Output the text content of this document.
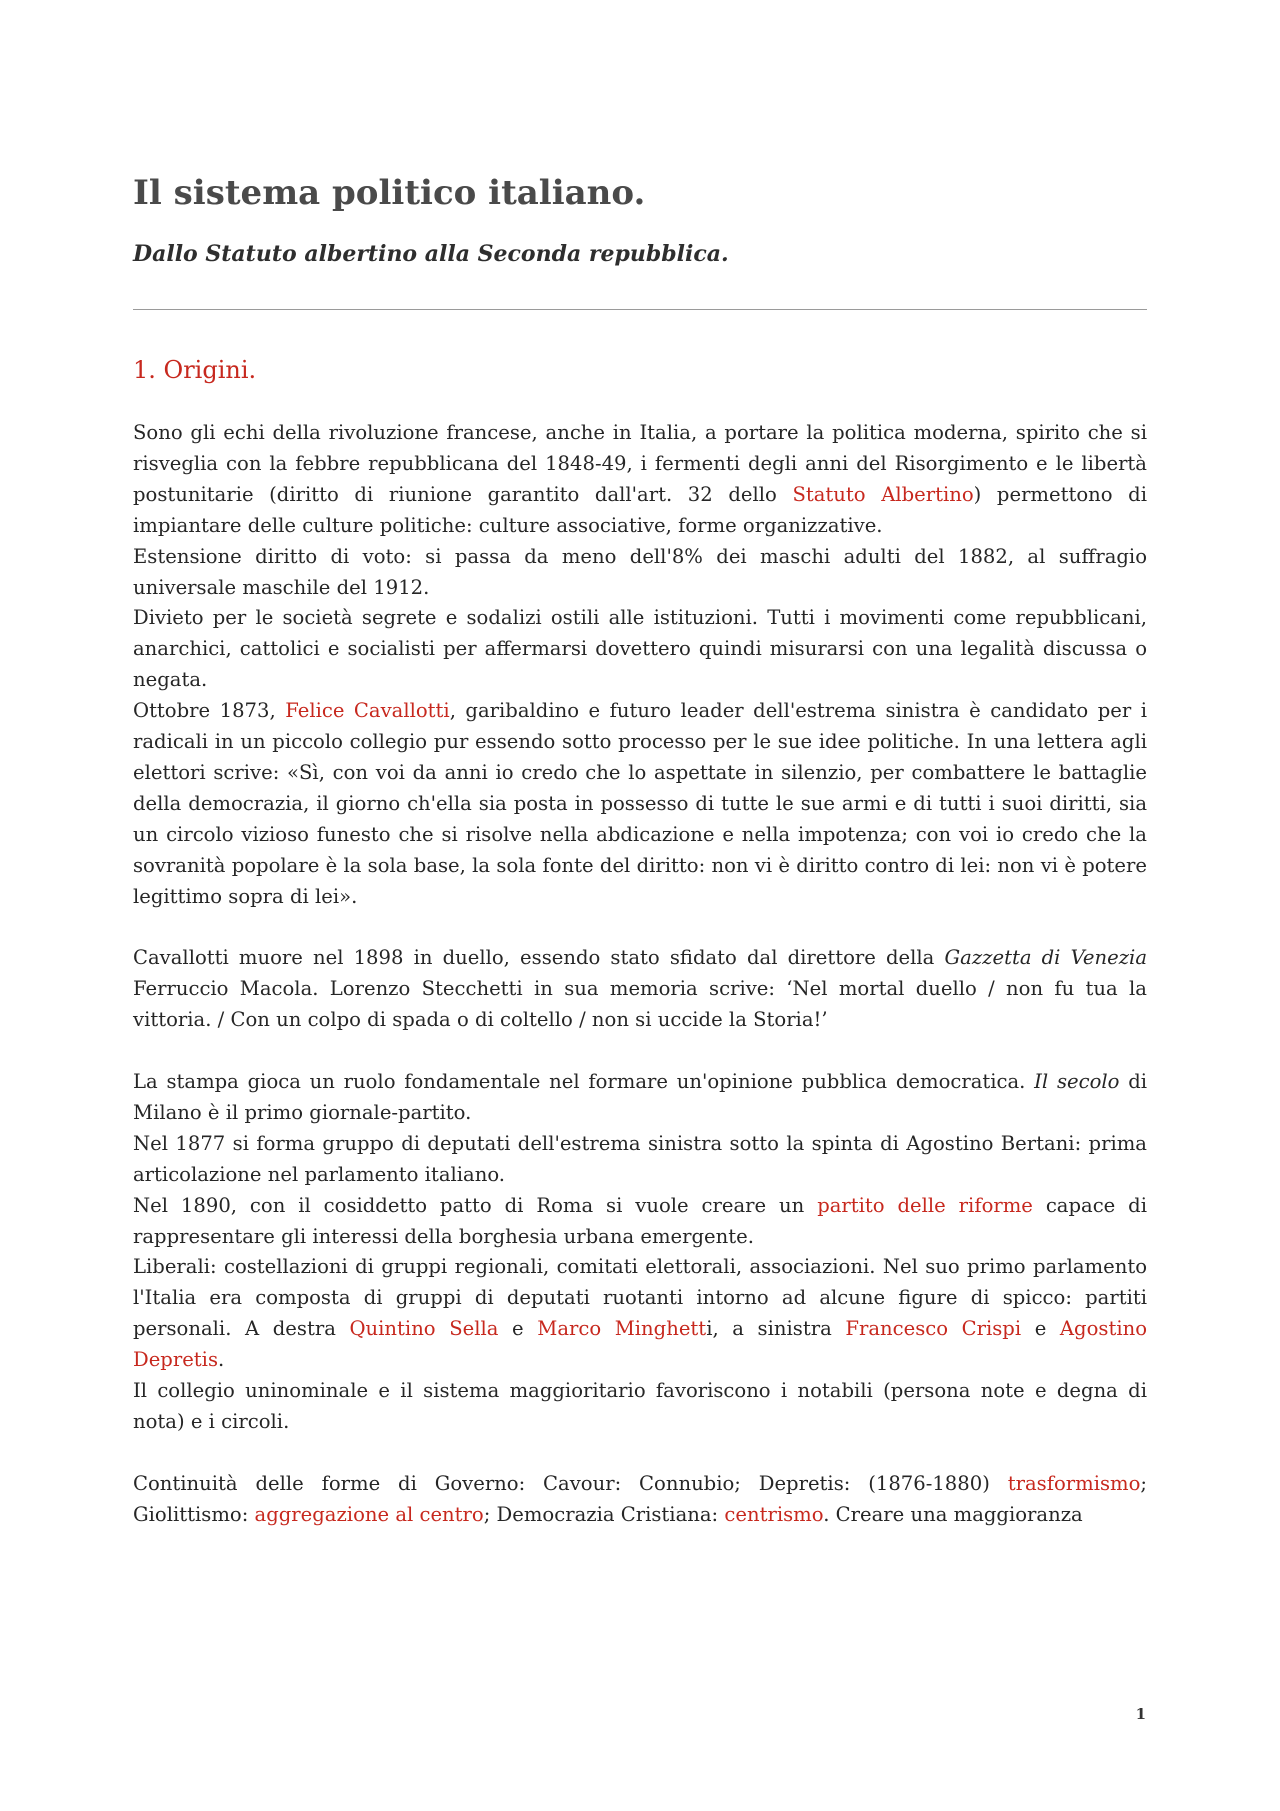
Il sistema politico italiano.
Dallo Statuto albertino alla Seconda repubblica.
1. Origini.

Sono gli echi della rivoluzione francese, anche in Italia, a portare la politica moderna, spirito che si risveglia con la febbre repubblicana del 1848-49, i fermenti degli anni del Risorgimento e le libertà postunitarie (diritto di riunione garantito dall'art. 32 dello Statuto Albertino) permettono di impiantare delle culture politiche: culture associative, forme organizzative.

Estensione diritto di voto: si passa da meno dell'8% dei maschi adulti del 1882, al suffragio universale maschile del 1912.

Divieto per le società segrete e sodalizi ostili alle istituzioni. Tutti i movimenti come repubblicani, anarchici, cattolici e socialisti per affermarsi dovettero quindi misurarsi con una legalità discussa o negata.

Ottobre 1873, Felice Cavallotti, garibaldino e futuro leader dell'estrema sinistra è candidato per i radicali in un piccolo collegio pur essendo sotto processo per le sue idee politiche. In una lettera agli elettori scrive: «Sì, con voi da anni io credo che lo aspettate in silenzio, per combattere le battaglie della democrazia, il giorno ch'ella sia posta in possesso di tutte le sue armi e di tutti i suoi diritti, sia un circolo vizioso funesto che si risolve nella abdicazione e nella impotenza; con voi io credo che la sovranità popolare è la sola base, la sola fonte del diritto: non vi è diritto contro di lei: non vi è potere legittimo sopra di lei».

Cavallotti muore nel 1898 in duello, essendo stato sfidato dal direttore della Gazzetta di Venezia Ferruccio Macola. Lorenzo Stecchetti in sua memoria scrive: ‘Nel mortal duello / non fu tua la vittoria. / Con un colpo di spada o di coltello / non si uccide la Storia!’

La stampa gioca un ruolo fondamentale nel formare un'opinione pubblica democratica. Il secolo di Milano è il primo giornale-partito.

Nel 1877 si forma gruppo di deputati dell'estrema sinistra sotto la spinta di Agostino Bertani: prima articolazione nel parlamento italiano.

Nel 1890, con il cosiddetto patto di Roma si vuole creare un partito delle riforme capace di rappresentare gli interessi della borghesia urbana emergente.

Liberali: costellazioni di gruppi regionali, comitati elettorali, associazioni. Nel suo primo parlamento l'Italia era composta di gruppi di deputati ruotanti intorno ad alcune figure di spicco: partiti personali. A destra Quintino Sella e Marco Minghetti, a sinistra Francesco Crispi e Agostino Depretis.

Il collegio uninominale e il sistema maggioritario favoriscono i notabili (persona note e degna di nota) e i circoli.

Continuità delle forme di Governo: Cavour: Connubio; Depretis: (1876-1880) trasformismo; Giolittismo: aggregazione al centro; Democrazia Cristiana: centrismo. Creare una maggioranza

1
